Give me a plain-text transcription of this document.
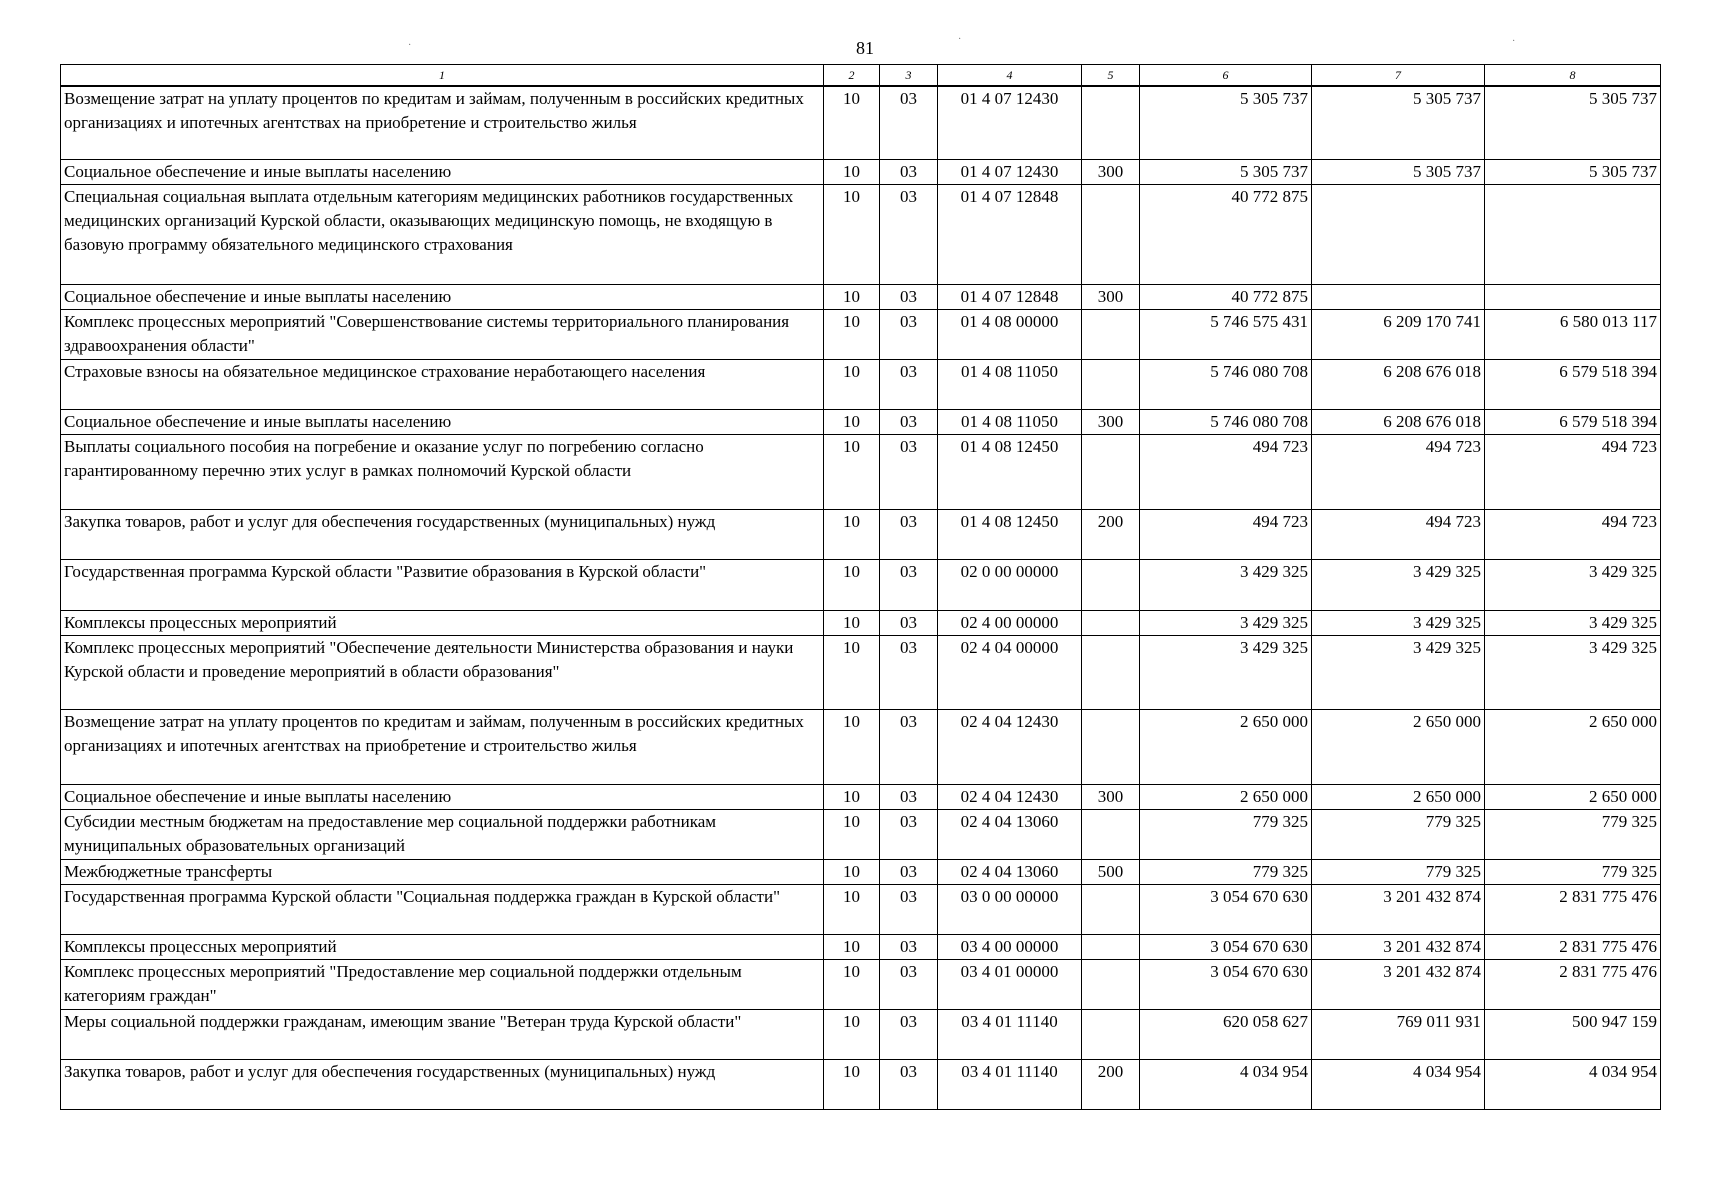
81
·
·	·
1	2	3	4	5	6	7	8
Возмещение затрат на уплату процентов по кредитам и займам, полученным в российских кредитных организациях и ипотечных агентствах на приобретение и строительство жилья	10	03	01 4 07 12430		5 305 737	5 305 737	5 305 737
Социальное обеспечение и иные выплаты населению	10	03	01 4 07 12430	300	5 305 737	5 305 737	5 305 737
Специальная социальная выплата отдельным категориям медицинских работников государственных медицинских организаций Курской области, оказывающих медицинскую помощь, не входящую в базовую программу обязательного медицинского страхования	10	03	01 4 07 12848		40 772 875		
Социальное обеспечение и иные выплаты населению	10	03	01 4 07 12848	300	40 772 875		
Комплекс процессных мероприятий "Совершенствование системы территориального планирования здравоохранения области"	10	03	01 4 08 00000		5 746 575 431	6 209 170 741	6 580 013 117
Страховые взносы на обязательное медицинское страхование неработающего населения	10	03	01 4 08 11050		5 746 080 708	6 208 676 018	6 579 518 394
Социальное обеспечение и иные выплаты населению	10	03	01 4 08 11050	300	5 746 080 708	6 208 676 018	6 579 518 394
Выплаты социального пособия на погребение и оказание услуг по погребению согласно гарантированному перечню этих услуг в рамках полномочий Курской области	10	03	01 4 08 12450		494 723	494 723	494 723
Закупка товаров, работ и услуг для обеспечения государственных (муниципальных) нужд	10	03	01 4 08 12450	200	494 723	494 723	494 723
Государственная программа Курской области "Развитие образования в Курской области"	10	03	02 0 00 00000		3 429 325	3 429 325	3 429 325
Комплексы процессных мероприятий	10	03	02 4 00 00000		3 429 325	3 429 325	3 429 325
Комплекс процессных мероприятий "Обеспечение деятельности Министерства образования и науки Курской области и проведение мероприятий в области образования"	10	03	02 4 04 00000		3 429 325	3 429 325	3 429 325
Возмещение затрат на уплату процентов по кредитам и займам, полученным в российских кредитных организациях и ипотечных агентствах на приобретение и строительство жилья	10	03	02 4 04 12430		2 650 000	2 650 000	2 650 000
Социальное обеспечение и иные выплаты населению	10	03	02 4 04 12430	300	2 650 000	2 650 000	2 650 000
Субсидии местным бюджетам на предоставление мер социальной поддержки работникам муниципальных образовательных организаций	10	03	02 4 04 13060		779 325	779 325	779 325
Межбюджетные трансферты	10	03	02 4 04 13060	500	779 325	779 325	779 325
Государственная программа Курской области "Социальная поддержка граждан в Курской области"	10	03	03 0 00 00000		3 054 670 630	3 201 432 874	2 831 775 476
Комплексы процессных мероприятий	10	03	03 4 00 00000		3 054 670 630	3 201 432 874	2 831 775 476
Комплекс процессных мероприятий "Предоставление мер социальной поддержки отдельным категориям граждан"	10	03	03 4 01 00000		3 054 670 630	3 201 432 874	2 831 775 476
Меры социальной поддержки гражданам, имеющим звание "Ветеран труда Курской области"	10	03	03 4 01 11140		620 058 627	769 011 931	500 947 159
Закупка товаров, работ и услуг для обеспечения государственных (муниципальных) нужд	10	03	03 4 01 11140	200	4 034 954	4 034 954	4 034 954
